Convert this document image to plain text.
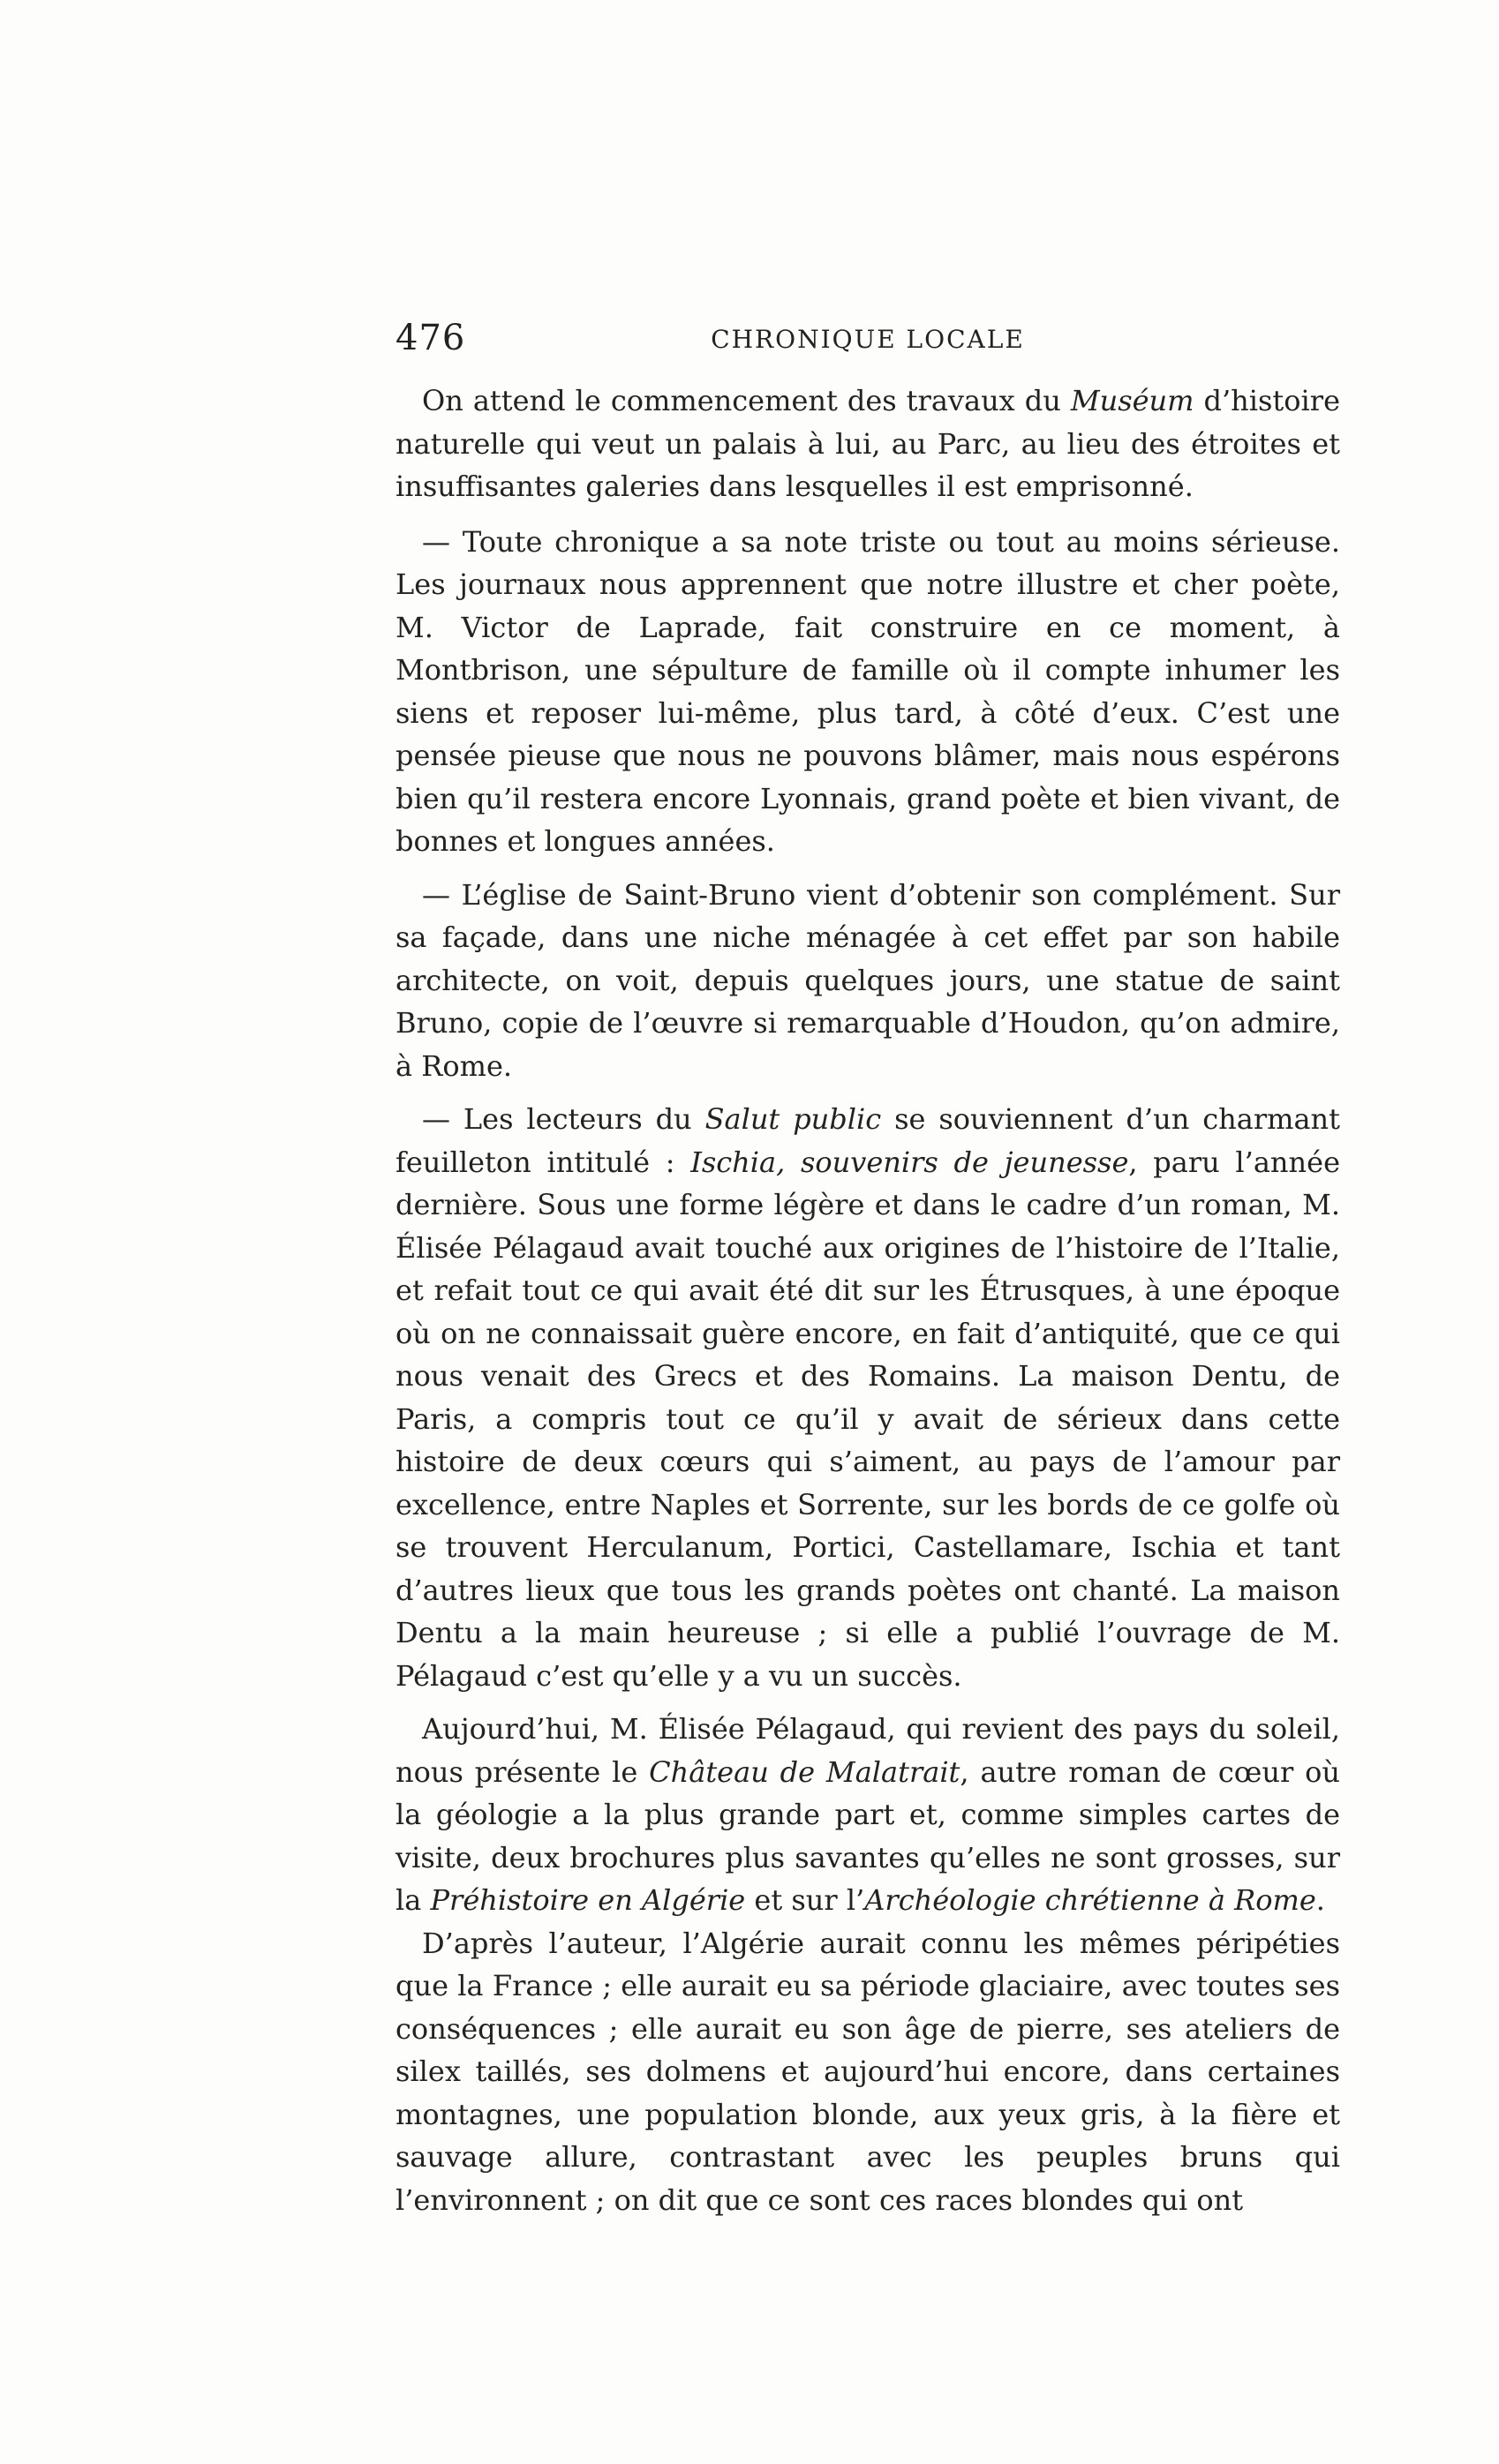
476	CHRONIQUE LOCALE

On attend le commencement des travaux du Muséum d’histoire naturelle qui veut un palais à lui, au Parc, au lieu des étroites et insuffisantes galeries dans lesquelles il est emprisonné.

— Toute chronique a sa note triste ou tout au moins sérieuse. Les journaux nous apprennent que notre illustre et cher poète, M. Victor de Laprade, fait construire en ce moment, à Montbrison, une sépulture de famille où il compte inhumer les siens et reposer lui-même, plus tard, à côté d’eux. C’est une pensée pieuse que nous ne pouvons blâmer, mais nous espérons bien qu’il restera encore Lyonnais, grand poète et bien vivant, de bonnes et longues années.

— L’église de Saint-Bruno vient d’obtenir son complément. Sur sa façade, dans une niche ménagée à cet effet par son habile architecte, on voit, depuis quelques jours, une statue de saint Bruno, copie de l’œuvre si remarquable d’Houdon, qu’on admire, à Rome.

— Les lecteurs du Salut public se souviennent d’un charmant feuilleton intitulé : Ischia, souvenirs de jeunesse, paru l’année dernière. Sous une forme légère et dans le cadre d’un roman, M. Élisée Pélagaud avait touché aux origines de l’histoire de l’Italie, et refait tout ce qui avait été dit sur les Étrusques, à une époque où on ne connaissait guère encore, en fait d’antiquité, que ce qui nous venait des Grecs et des Romains. La maison Dentu, de Paris, a compris tout ce qu’il y avait de sérieux dans cette histoire de deux cœurs qui s’aiment, au pays de l’amour par excellence, entre Naples et Sorrente, sur les bords de ce golfe où se trouvent Herculanum, Portici, Castellamare, Ischia et tant d’autres lieux que tous les grands poètes ont chanté. La maison Dentu a la main heureuse ; si elle a publié l’ouvrage de M. Pélagaud c’est qu’elle y a vu un succès.

Aujourd’hui, M. Élisée Pélagaud, qui revient des pays du soleil, nous présente le Château de Malatrait, autre roman de cœur où la géologie a la plus grande part et, comme simples cartes de visite, deux brochures plus savantes qu’elles ne sont grosses, sur la Préhistoire en Algérie et sur l’Archéologie chrétienne à Rome.

D’après l’auteur, l’Algérie aurait connu les mêmes péripéties que la France ; elle aurait eu sa période glaciaire, avec toutes ses conséquences ; elle aurait eu son âge de pierre, ses ateliers de silex taillés, ses dolmens et aujourd’hui encore, dans certaines montagnes, une population blonde, aux yeux gris, à la fière et sauvage allure, contrastant avec les peuples bruns qui l’environnent ; on dit que ce sont ces races blondes qui ont
